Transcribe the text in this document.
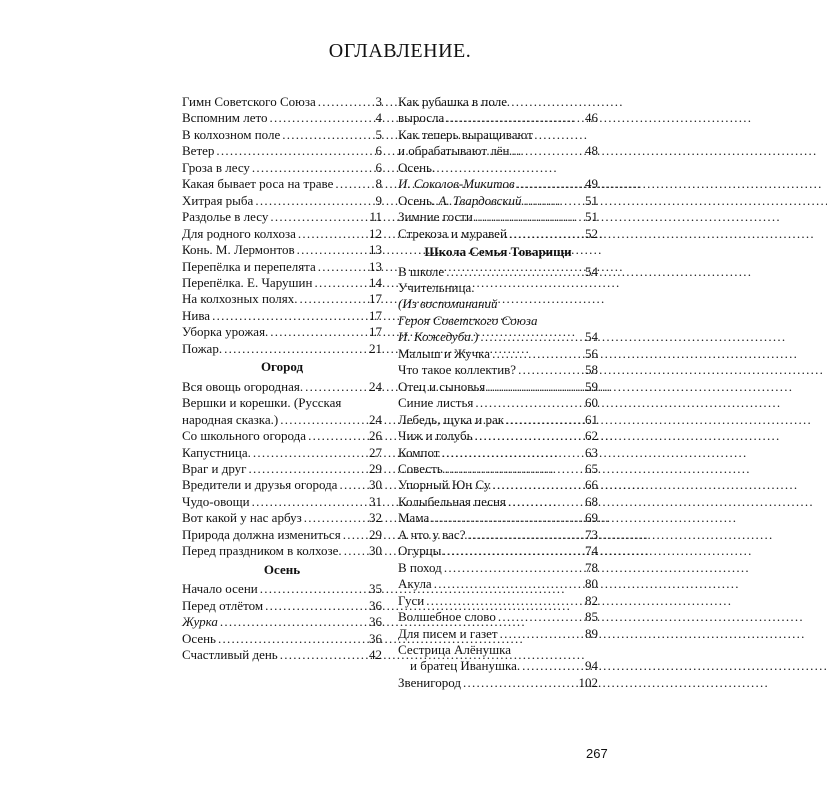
ОГЛАВЛЕНИЕ.
Гимн Советского Союза . . .	3
Вспомним лето . . .	4
В колхозном поле . . .	5
Ветер . . .	6
Гроза в лесу . . .	6
Какая бывает роса на траве . . .	8
Хитрая рыба . . .	9
Раздолье в лесу . . .	11
Для родного колхоза . . .	12
Конь. М. Лермонтов . . .	13
Перепёлка и перепелята . . .	13
Перепёлка. Е. Чарушин . . .	14
На колхозных полях. . . .	17
Нива . . .	17
Уборка урожая. . . .	17
Пожар. . . .	21
Огород
Вся овощь огородная. . . .	24
Вершки и корешки. (Русская
народная сказка.) . . .	24
Со школьного огорода . . .	26
Капустница. . . .	27
Враг и друг . . .	29
Вредители и друзья огорода . . . 30
Чудо-овощи . . .	31
Вот какой у нас арбуз . . .	32
Природа должна измениться . . . 29
Перед праздником в колхозе. . . . 30
Осень
Начало осени . . .	35
Перед отлётом . . .	36
Журка . . .	36
Осень . . .	36
Счастливый день . . .	42
Как рубашка в поле
выросла . . .	46
Как теперь выращивают
и обрабатывают лён . . .	48
Осень.
И. Соколов-Микитов . . .	49
Осень. А. Твардовский . . .	51
Зимние гости . . .	51
Стрекоза и муравей . . .	52
Школа Семья Товарищи
В школе . . .	54
Учительница.
(Из воспоминаний
Героя Советского Союза
И. Кожедуба.) . . .	54
Малыш и Жучка . . .	56
Что такое коллектив? . . .	58
Отец и сыновья . . .	59
Синие листья . . .	60
Лебедь, щука и рак . . .	61
Чиж и голубь . . .	62
Компот . . .	63
Совесть . . .	65
Упорный Юн Су . . .	66
Колыбельная песня . . .	68
Мама . . .	69
А что у вас? . . .	73
Огурцы. . . .	74
В поход . . .	78
Акула . . .	80
Гуси . . .	82
Волшебное слово . . .	85
Для писем и газет . . .	89
Сестрица Алёнушка
и братец Иванушка. . . .	94
Звенигород . . .	102
267
